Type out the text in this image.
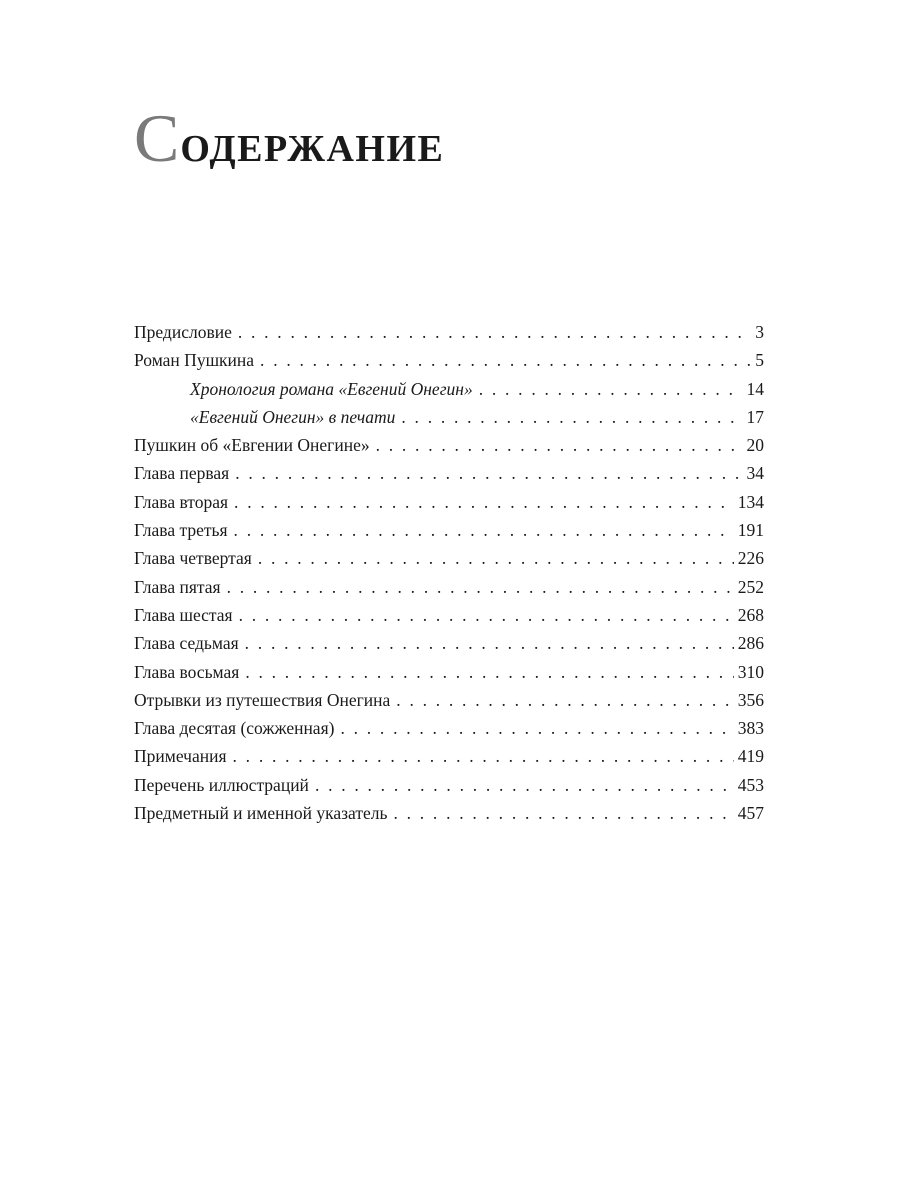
СОДЕРЖАНИЕ
Предисловие . . .	3
Роман Пушкина . . .	5
Хронология романа «Евгений Онегин» . . .	14
«Евгений Онегин» в печати . . .	17
Пушкин об «Евгении Онегине» . . .	20
Глава первая . . .	34
Глава вторая . . .	134
Глава третья . . .	191
Глава четвертая . . .	226
Глава пятая . . .	252
Глава шестая . . .	268
Глава седьмая . . .	286
Глава восьмая . . .	310
Отрывки из путешествия Онегина . . .	356
Глава десятая (сожженная) . . .	383
Примечания . . .	419
Перечень иллюстраций . . .	453
Предметный и именной указатель . . .	457
